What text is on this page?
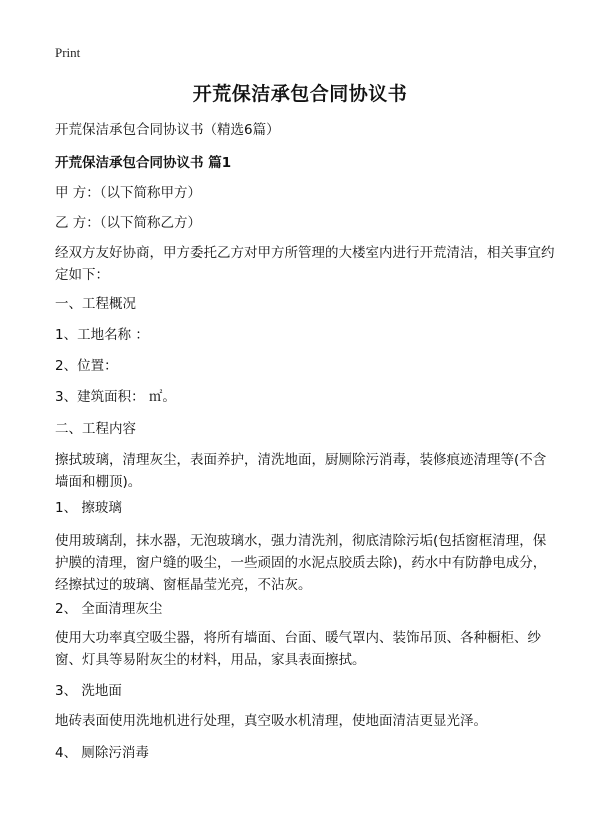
Print
开荒保洁承包合同协议书

开荒保洁承包合同协议书（精选6篇）

开荒保洁承包合同协议书 篇1

甲 方：（以下简称甲方）

乙 方：（以下简称乙方）

经双方友好协商，甲方委托乙方对甲方所管理的大楼室内进行开荒清洁，相关事宜约定如下：

一、工程概况

1、工地名称 ：

2、位置：

3、建筑面积： ㎡。

二、工程内容

擦拭玻璃，清理灰尘，表面养护，清洗地面，厨厕除污消毒，装修痕迹清理等(不含墙面和棚顶)。

1、 擦玻璃

使用玻璃刮，抹水器，无泡玻璃水，强力清洗剂，彻底清除污垢(包括窗框清理，保护膜的清理，窗户缝的吸尘，一些顽固的水泥点胶质去除)，药水中有防静电成分，经擦拭过的玻璃、窗框晶莹光亮，不沾灰。

2、 全面清理灰尘

使用大功率真空吸尘器，将所有墙面、台面、暖气罩内、装饰吊顶、各种橱柜、纱窗、灯具等易附灰尘的材料，用品，家具表面擦拭。

3、 洗地面

地砖表面使用洗地机进行处理，真空吸水机清理，使地面清洁更显光泽。

4、 厕除污消毒
